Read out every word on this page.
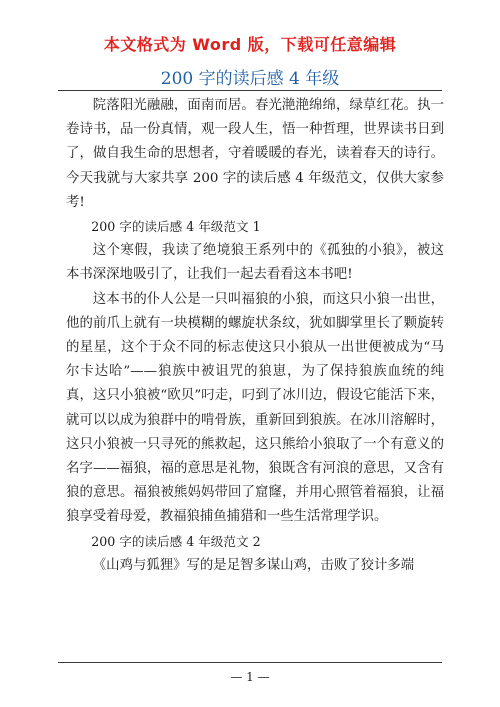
本文格式为 Word 版，下载可任意编辑
200 字的读后感 4 年级

院落阳光融融，面南而居。春光滟滟绵绵，绿草红花。执一卷诗书，品一份真情，观一段人生，悟一种哲理，世界读书日到了，做自我生命的思想者，守着暖暖的春光，读着春天的诗行。今天我就与大家共享 200 字的读后感 4 年级范文，仅供大家参考!

200 字的读后感 4 年级范文 1

这个寒假，我读了绝境狼王系列中的《孤独的小狼》，被这本书深深地吸引了，让我们一起去看看这本书吧!

这本书的仆人公是一只叫福狼的小狼，而这只小狼一出世，他的前爪上就有一块模糊的螺旋状条纹，犹如脚掌里长了颗旋转的星星，这个于众不同的标志使这只小狼从一出世便被成为“马尔卡达哈”——狼族中被诅咒的狼崽，为了保持狼族血统的纯真，这只小狼被“欧贝”叼走，叼到了冰川边，假设它能活下来，就可以以成为狼群中的啃骨族，重新回到狼族。在冰川溶解时，这只小狼被一只寻死的熊救起，这只熊给小狼取了一个有意义的名字——福狼，福的意思是礼物，狼既含有河浪的意思，又含有狼的意思。福狼被熊妈妈带回了窟窿，并用心照管着福狼，让福狼享受着母爱，教福狼捕鱼捕猎和一些生活常理学识。

200 字的读后感 4 年级范文 2

《山鸡与狐狸》写的是足智多谋山鸡，击败了狡计多端

— 1 —
